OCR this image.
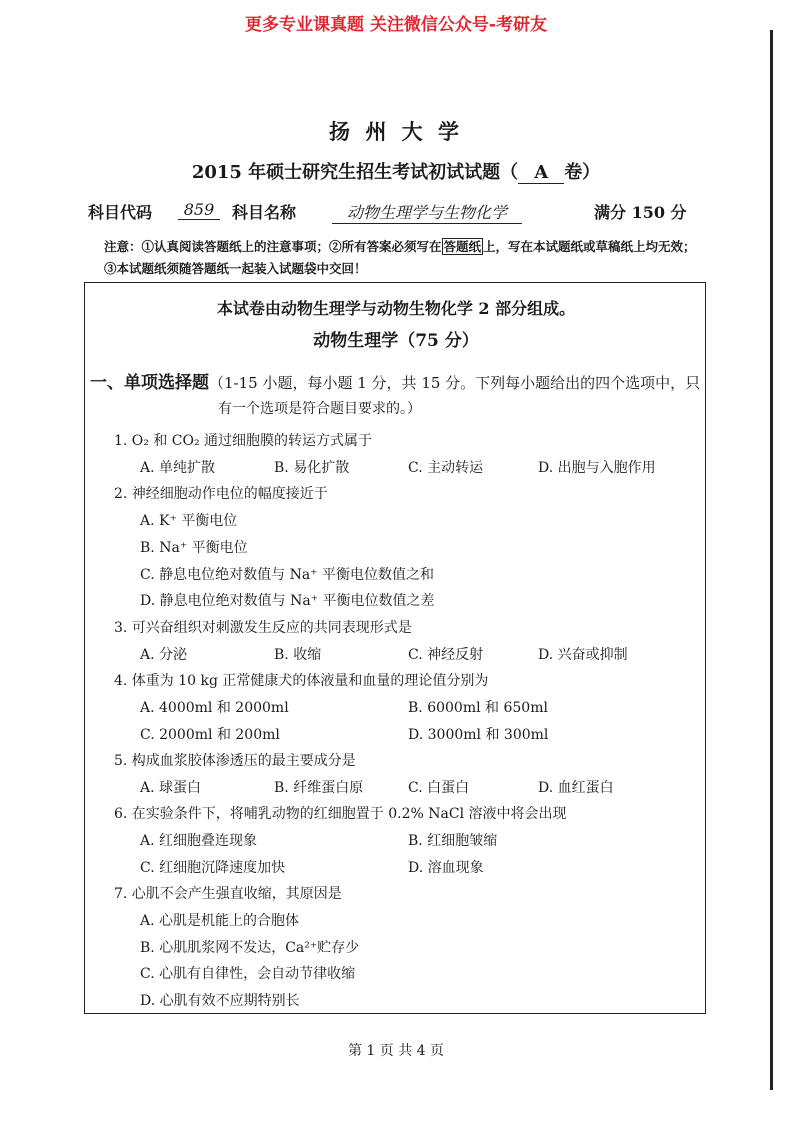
更多专业课真题 关注微信公众号-考研友
扬 州 大 学
2015 年硕士研究生招生考试初试试题（ A 卷）
科目代码	859	科目名称	动物生理学与生物化学	满分 150 分
注意：①认真阅读答题纸上的注意事项；②所有答案必须写在 答题纸 上，写在本试题纸或草稿纸上均无效；③本试题纸须随答题纸一起装入试题袋中交回！
本试卷由动物生理学与动物生物化学 2 部分组成。
动物生理学（75 分）
一、单项选择题（1-15 小题，每小题 1 分，共 15 分。下列每小题给出的四个选项中，只
有一个选项是符合题目要求的。）
1. O₂ 和 CO₂ 通过细胞膜的转运方式属于
A. 单纯扩散	B. 易化扩散	C. 主动转运	D. 出胞与入胞作用
2. 神经细胞动作电位的幅度接近于
A. K⁺ 平衡电位
B. Na⁺ 平衡电位
C. 静息电位绝对数值与 Na⁺ 平衡电位数值之和
D. 静息电位绝对数值与 Na⁺ 平衡电位数值之差
3. 可兴奋组织对刺激发生反应的共同表现形式是
A. 分泌	B. 收缩	C. 神经反射	D. 兴奋或抑制
4. 体重为 10 kg 正常健康犬的体液量和血量的理论值分别为
A. 4000ml 和 2000ml	B. 6000ml 和 650ml
C. 2000ml 和 200ml	D. 3000ml 和 300ml
5. 构成血浆胶体渗透压的最主要成分是
A. 球蛋白	B. 纤维蛋白原	C. 白蛋白	D. 血红蛋白
6. 在实验条件下，将哺乳动物的红细胞置于 0.2% NaCl 溶液中将会出现
A. 红细胞叠连现象	B. 红细胞皱缩
C. 红细胞沉降速度加快	D. 溶血现象
7. 心肌不会产生强直收缩，其原因是
A. 心肌是机能上的合胞体
B. 心肌肌浆网不发达，Ca²⁺贮存少
C. 心肌有自律性，会自动节律收缩
D. 心肌有效不应期特别长
第 1 页 共 4 页
